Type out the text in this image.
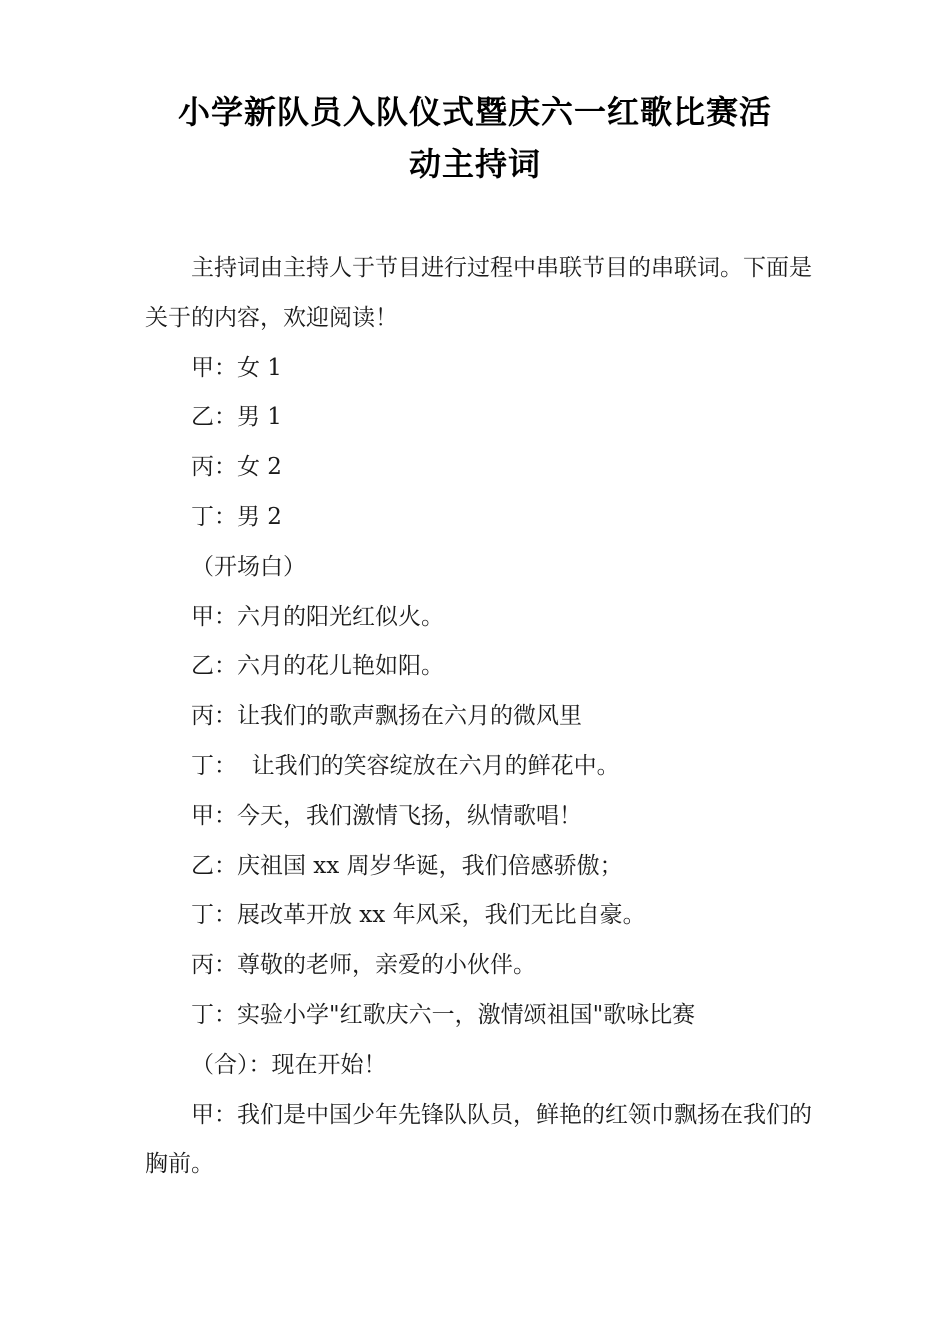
小学新队员入队仪式暨庆六一红歌比赛活
动主持词

主持词由主持人于节目进行过程中串联节目的串联词。下面是关于的内容，欢迎阅读！

甲：女 1

乙：男 1

丙：女 2

丁：男 2

（开场白）

甲：六月的阳光红似火。

乙：六月的花儿艳如阳。

丙：让我们的歌声飘扬在六月的微风里

丁：  让我们的笑容绽放在六月的鲜花中。

甲：今天，我们激情飞扬，纵情歌唱！

乙：庆祖国 xx 周岁华诞，我们倍感骄傲；

丁：展改革开放 xx 年风采，我们无比自豪。

丙：尊敬的老师，亲爱的小伙伴。

丁：实验小学"红歌庆六一，激情颂祖国"歌咏比赛

（合）：现在开始！

甲：我们是中国少年先锋队队员，鲜艳的红领巾飘扬在我们的胸前。
